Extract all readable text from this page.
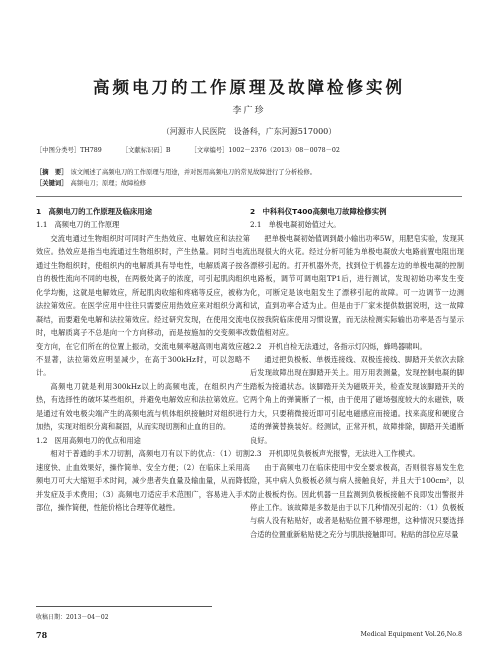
高频电刀的工作原理及故障检修实例
李广珍
（河源市人民医院　设备科，广东河源517000）
［中图分类号］TH789	［文献标识码］B	［文章编号］1002－2376（2013）08－0078－02
［摘　要］ 该文阐述了高频电刀的工作原理与用途，并对医用高频电刀的常见故障进行了分析检修。
［关键词］ 高频电刀；原理；故障检修
1　高频电刀的工作原理及临床用途
1.1　高频电刀的工作原理

交流电通过生物组织时可同时产生热效应、电解效应和法拉第效应。热效应是指当电流通过生物组织时，产生热量。同时当电流通过生物组织时，使组织内的电解质具有导电性，电解质离子按各自的极性流向不同的电极，在两极处离子的浓度，可引起肌肉组织化学均衡，这就是电解效应，所起肌肉收缩和疼痛等反应，被称为法拉第效应。在医学应用中往往只需要应用热效应来对组织分离和凝结，而要避免电解和法拉第效应。经过研究发现，在使用交流电时，电解质离子不总是向一个方向移动，而是按施加的交变频率改变方向，在它们所在的位置上振动，交流电频率越高则电离效应越不显著，法拉第效应明显减少，在高于300kHz时，可以忽略不计。

高频电刀就是利用300kHz以上的高频电流，在组织内产生热，有选择性的破坏某些组织，并避免电解效应和法拉第效应。它是通过有效电极尖端产生的高频电流与机体组织接触时对组织进行加热，实现对组织分离和凝固，从而实现切割和止血的目的。

1.2　医用高频电刀的优点和用途

相对于普通的手术刀切割，高频电刀有以下的优点：（1）切割速度快、止血效果好，操作简单、安全方便；（2）在临床上采用高频电刀可大大缩短手术时间，减少患者失血量及输血量，从而降低并发症及手术费用；（3）高频电刀适应手术范围广，容易进入手术部位，操作简便，性能价格比合理等优越性。

2　中科科仪T400高频电刀故障检修实例
2.1　单极电凝初始值过大。

把单极电凝初始值调到最小输出功率5W，用肥皂实验，发现其出现很大的火花。经过分析可能为单极电凝放大电路前置电阻出现漂移引起的。打开机器外壳，找到位于机器左边的单极电凝的控制电路板，调节可调电阻TP1后，进行测试，发现初始功率发生变化，可断定是该电阻发生了漂移引起的故障。可一边调节一边测试，直到功率合适为止。但是由于厂家未提供数据说明，这一故障仅按我院临床使用习惯设置，而无法检测实际输出功率是否与显示数值相对应。

2.2　开机自检无法通过，各指示灯闪烁，蜂鸣器啸叫。

通过把负极板、单极连接线、双极连接线、脚踏开关依次去除后发现故障出现在脚踏开关上。用万用表测量，发现控制电凝的脚踏板为接通状态。该脚踏开关为磁吸开关，检查发现该脚踏开关的两个角上的弹簧断了一根，由于使用了磁场强度较大的永磁铁，吸力大，只要稍微接近即可引起电磁感应而接通。找来高度和硬度合适的弹簧替换装好。经测试，正常开机，故障排除，脚踏开关通断良好。

2.3　开机即见负极板声光报警，无法进入工作模式。

由于高频电刀在临床使用中安全要求极高，否则很容易发生危险，其中病人负极板必须与病人接触良好，并且大于100cm²，以防止极板灼伤。因此机器一旦监测到负极板接触不良即发出警报并停止工作。该故障是多数是由于以下几种情况引起的：（1）负极板与病人没有粘贴好，或者是粘贴位置不够理想，这种情况只要选择合适的位置重新粘贴使之充分与肌肤接触即可。粘贴的部位应尽量

收稿日期：2013－04－02
78	Medical Equipment Vol.26,No.8
